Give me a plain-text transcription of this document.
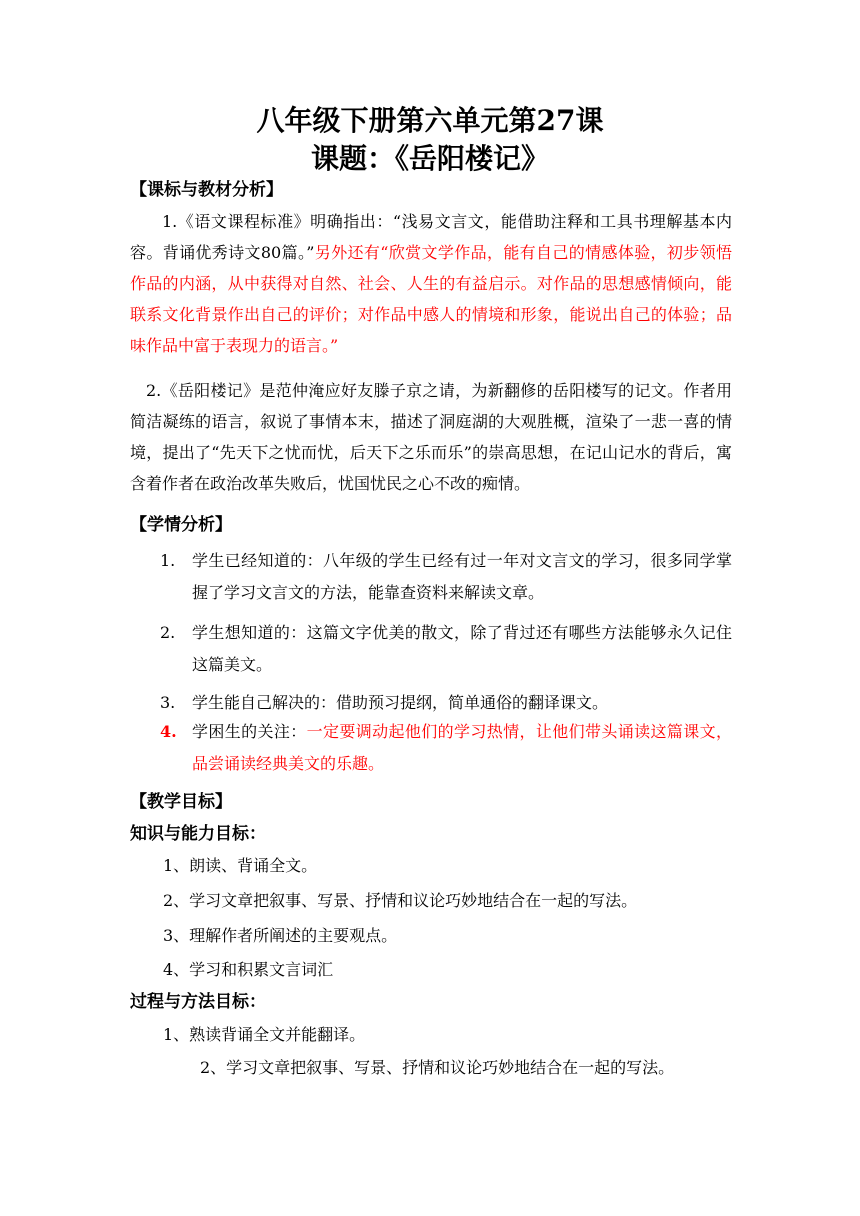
八年级下册第六单元第27课
课题：《岳阳楼记》
【课标与教材分析】
1.《语文课程标准》明确指出：“浅易文言文，能借助注释和工具书理解基本内容。背诵优秀诗文80篇。”另外还有“欣赏文学作品，能有自己的情感体验，初步领悟作品的内涵，从中获得对自然、社会、人生的有益启示。对作品的思想感情倾向，能联系文化背景作出自己的评价；对作品中感人的情境和形象，能说出自己的体验；品味作品中富于表现力的语言。”
2.《岳阳楼记》是范仲淹应好友滕子京之请，为新翻修的岳阳楼写的记文。作者用简洁凝练的语言，叙说了事情本末，描述了洞庭湖的大观胜概，渲染了一悲一喜的情境，提出了“先天下之忧而忧，后天下之乐而乐”的崇高思想，在记山记水的背后，寓含着作者在政治改革失败后，忧国忧民之心不改的痴情。
【学情分析】
1.	学生已经知道的：八年级的学生已经有过一年对文言文的学习，很多同学掌握了学习文言文的方法，能靠查资料来解读文章。
2.	学生想知道的：这篇文字优美的散文，除了背过还有哪些方法能够永久记住这篇美文。
3.	学生能自己解决的：借助预习提纲，简单通俗的翻译课文。
4. 学困生的关注：一定要调动起他们的学习热情，让他们带头诵读这篇课文，品尝诵读经典美文的乐趣。
【教学目标】
知识与能力目标：
1、朗读、背诵全文。
2、学习文章把叙事、写景、抒情和议论巧妙地结合在一起的写法。
3、理解作者所阐述的主要观点。
4、学习和积累文言词汇
过程与方法目标：
1、熟读背诵全文并能翻译。
2、学习文章把叙事、写景、抒情和议论巧妙地结合在一起的写法。
